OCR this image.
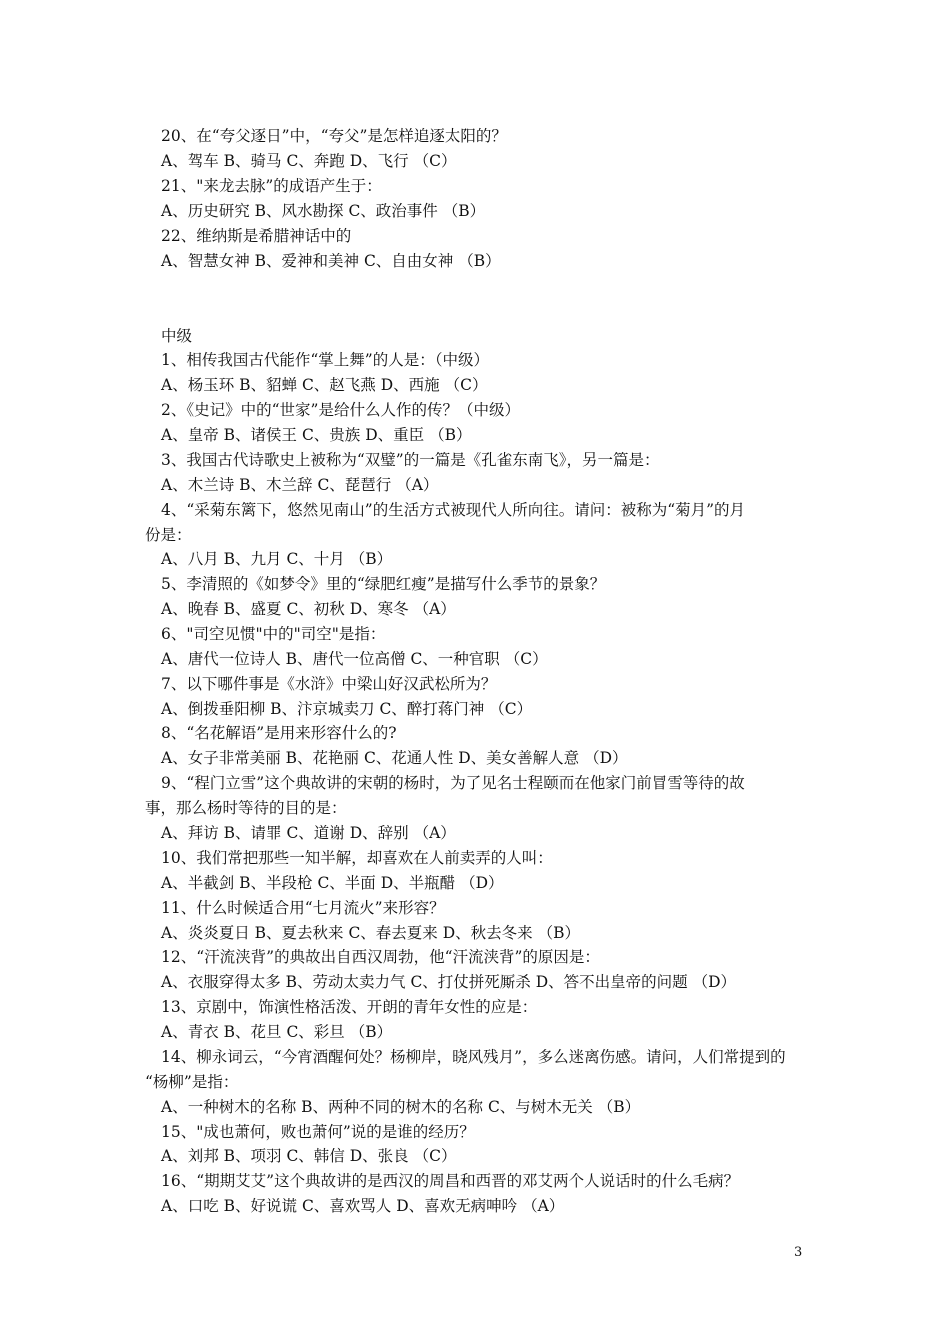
20、在“夸父逐日”中，“夸父”是怎样追逐太阳的？
A、驾车 B、骑马 C、奔跑 D、飞行 （C）
21、"来龙去脉”的成语产生于：
A、历史研究 B、风水勘探 C、政治事件 （B）
22、维纳斯是希腊神话中的
A、智慧女神 B、爱神和美神 C、自由女神 （B）
中级
1、相传我国古代能作“掌上舞”的人是：（中级）
A、杨玉环 B、貂蝉 C、赵飞燕 D、西施 （C）
2、《史记》中的“世家”是给什么人作的传？（中级）
A、皇帝 B、诸侯王 C、贵族 D、重臣 （B）
3、我国古代诗歌史上被称为“双璧”的一篇是《孔雀东南飞》，另一篇是：
A、木兰诗 B、木兰辞 C、琵琶行 （A）
4、“采菊东篱下，悠然见南山”的生活方式被现代人所向往。请问：被称为“菊月”的月
份是：
A、八月 B、九月 C、十月 （B）
5、李清照的《如梦令》里的“绿肥红瘦”是描写什么季节的景象？
A、晚春 B、盛夏 C、初秋 D、寒冬 （A）
6、"司空见惯"中的"司空"是指：
A、唐代一位诗人 B、唐代一位高僧 C、一种官职 （C）
7、以下哪件事是《水浒》中梁山好汉武松所为？
A、倒拨垂阳柳 B、汴京城卖刀 C、醉打蒋门神 （C）
8、“名花解语”是用来形容什么的?
A、女子非常美丽 B、花艳丽 C、花通人性 D、美女善解人意 （D）
9、“程门立雪”这个典故讲的宋朝的杨时，为了见名士程颐而在他家门前冒雪等待的故
事，那么杨时等待的目的是：
A、拜访 B、请罪 C、道谢 D、辞别 （A）
10、我们常把那些一知半解，却喜欢在人前卖弄的人叫：
A、半截剑 B、半段枪 C、半面 D、半瓶醋 （D）
11、什么时候适合用“七月流火”来形容？
A、炎炎夏日 B、夏去秋来 C、春去夏来 D、秋去冬来 （B）
12、“汗流浃背”的典故出自西汉周勃，他“汗流浃背”的原因是：
A、衣服穿得太多 B、劳动太卖力气 C、打仗拼死厮杀 D、答不出皇帝的问题 （D）
13、京剧中，饰演性格活泼、开朗的青年女性的应是：
A、青衣 B、花旦 C、彩旦 （B）
14、柳永词云，“今宵酒醒何处？杨柳岸，晓风残月”，多么迷离伤感。请问，人们常提到的
“杨柳”是指：
A、一种树木的名称 B、两种不同的树木的名称 C、与树木无关 （B）
15、"成也萧何，败也萧何”说的是谁的经历？
A、刘邦 B、项羽 C、韩信 D、张良 （C）
16、“期期艾艾”这个典故讲的是西汉的周昌和西晋的邓艾两个人说话时的什么毛病？
A、口吃 B、好说谎 C、喜欢骂人 D、喜欢无病呻吟 （A）
3
